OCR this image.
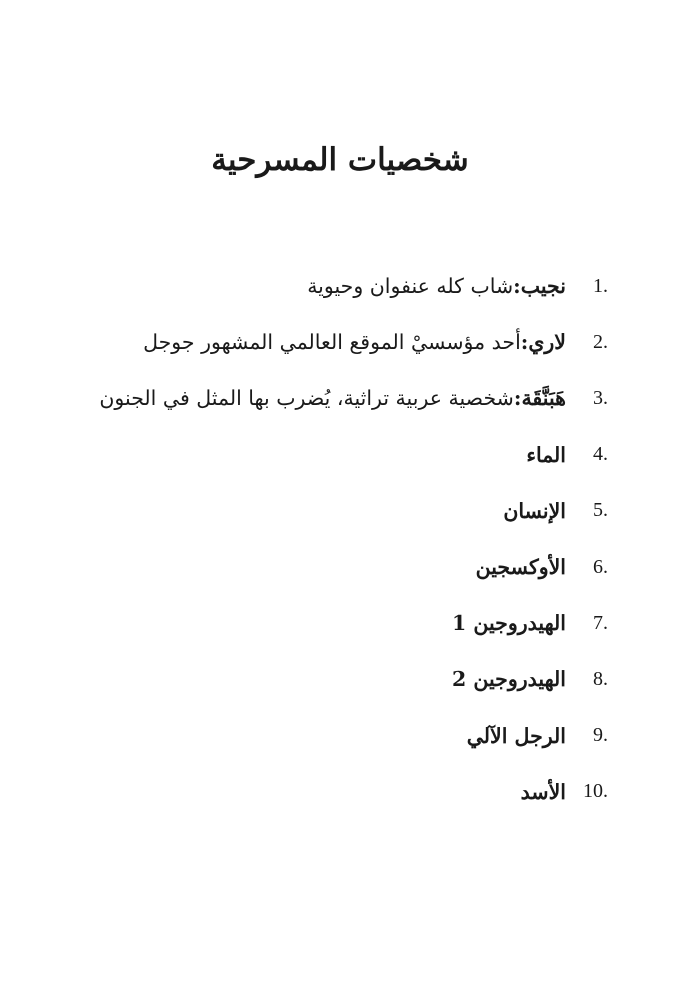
شخصيات المسرحية
1.
نجيب:
شاب كله عنفوان وحيوية
2.
لاري:
أحد مؤسسيْ الموقع العالمي المشهور جوجل
3.
هَبَنَّقَة:
شخصية عربية تراثية، يُضرب بها المثل في الجنون
4.
الماء
5.
الإنسان
6.
الأوكسجين
7.
الهيدروجين 1
8.
الهيدروجين 2
9.
الرجل الآلي
10.
الأسد
